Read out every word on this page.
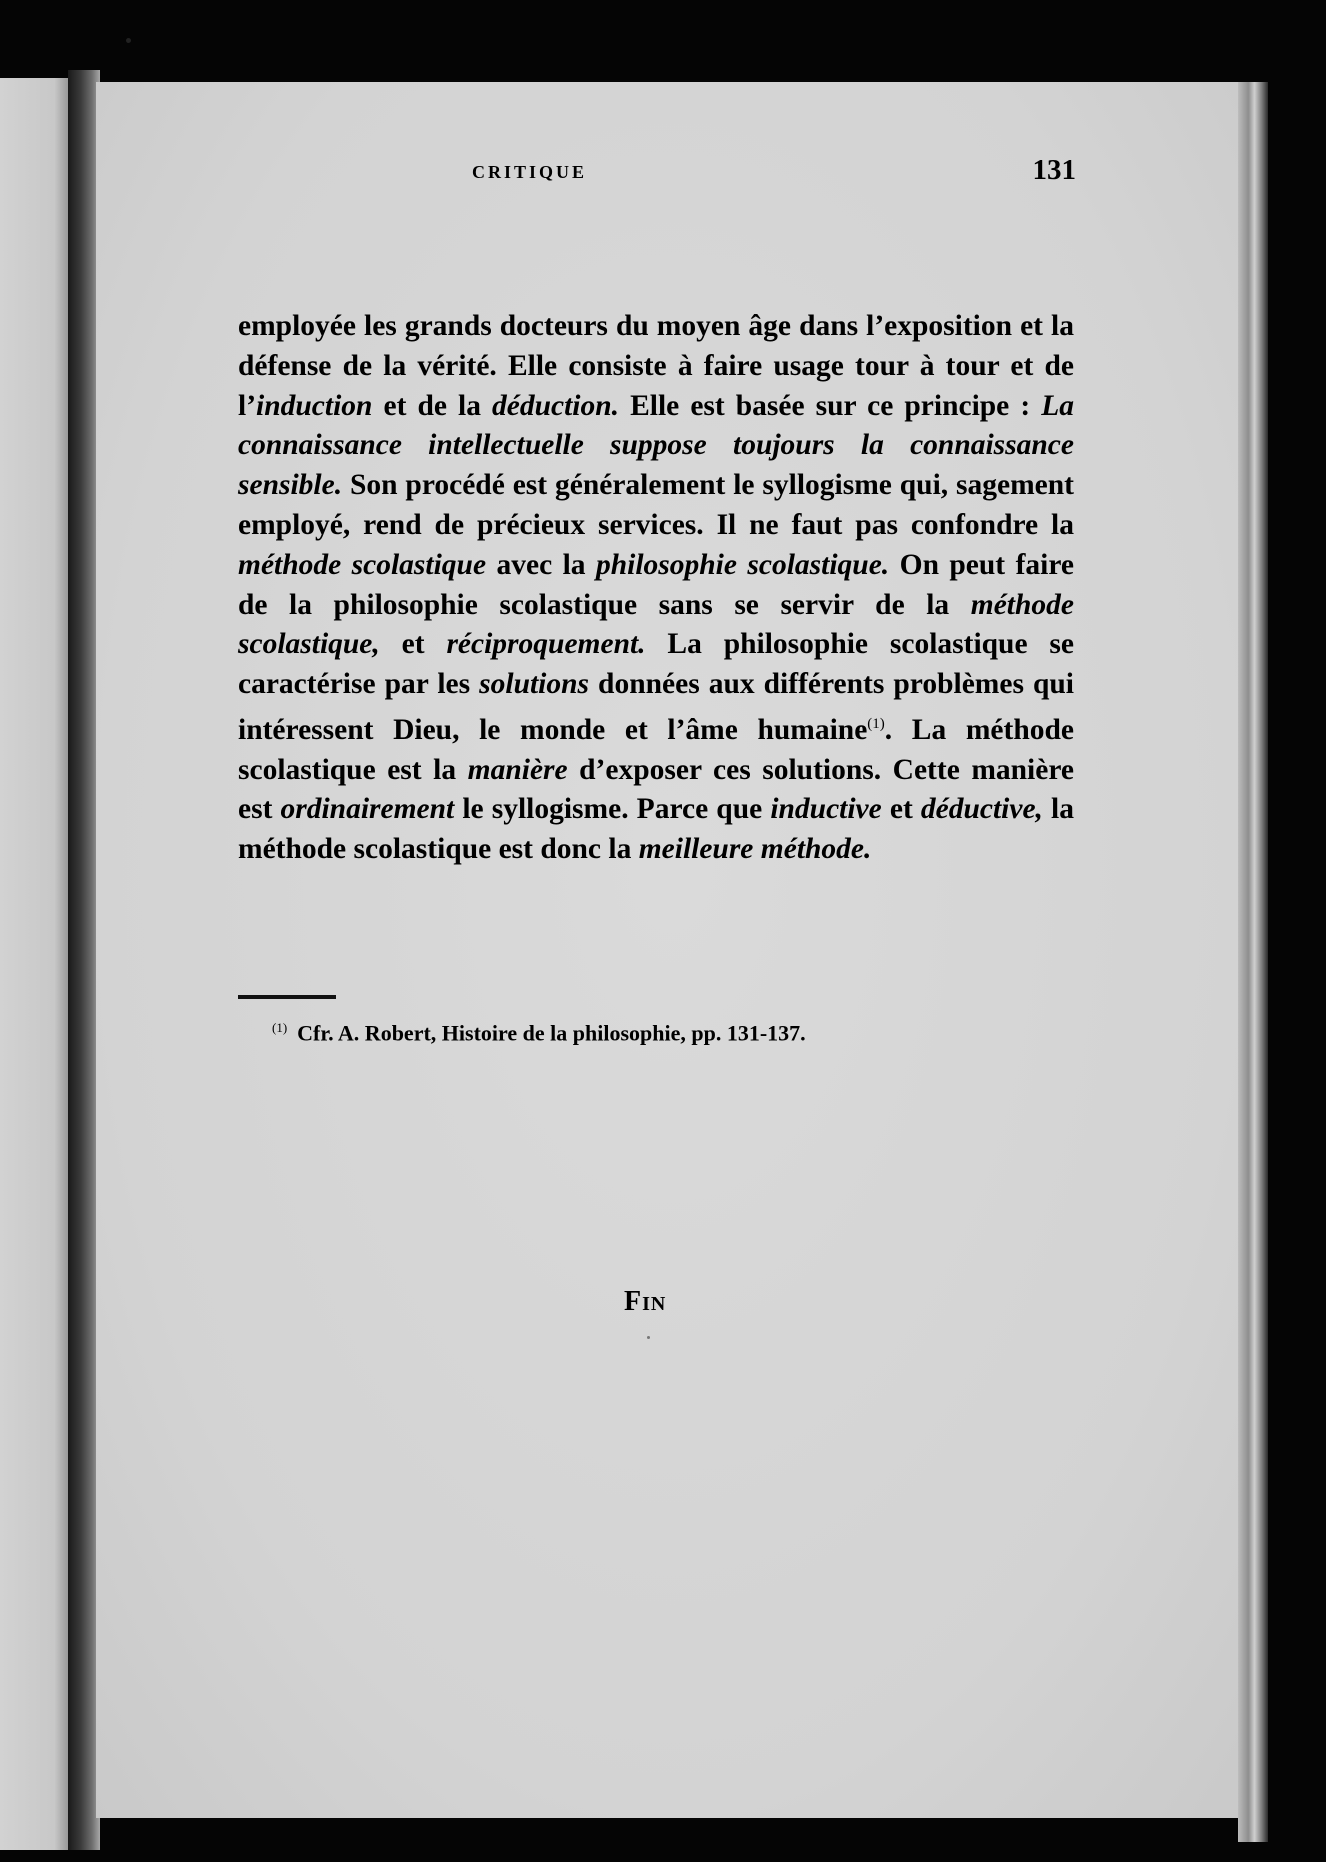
CRITIQUE	131

employée les grands docteurs du moyen âge dans l’exposition et la défense de la vérité. Elle consiste à faire usage tour à tour et de l’induction et de la déduction. Elle est basée sur ce principe : La connaissance intellectuelle suppose toujours la connaissance sensible. Son procédé est généralement le syllogisme qui, sagement employé, rend de précieux services. Il ne faut pas confondre la méthode scolastique avec la philosophie scolastique. On peut faire de la philosophie scolastique sans se servir de la méthode scolastique, et réciproquement. La philosophie scolastique se caractérise par les solutions données aux différents problèmes qui intéressent Dieu, le monde et l’âme humaine$^{(1)}$. La méthode scolastique est la manière d’exposer ces solutions. Cette manière est ordinairement le syllogisme. Parce que inductive et déductive, la méthode scolastique est donc la meilleure méthode.

$^{(1)}$ Cfr. A. Robert, Histoire de la philosophie, pp. 131-137.

Fin
